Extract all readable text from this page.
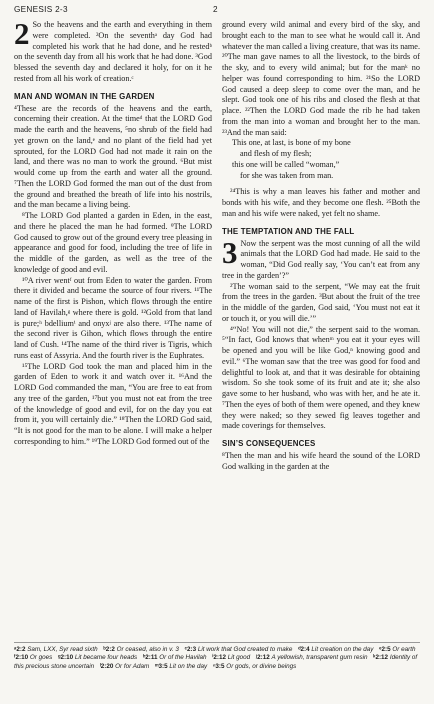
GENESIS 2-3	2

2 So the heavens and the earth and everything in them were completed. ²On the seventhᵃ day God had completed his work that he had done, and he restedᵇ on the seventh day from all his work that he had done. ³God blessed the seventh day and declared it holy, for on it he rested from all his work of creation.ᶜ

MAN AND WOMAN IN THE GARDEN

⁴These are the records of the heavens and the earth, concerning their creation. At the timeᵈ that the LORD God made the earth and the heavens, ⁵no shrub of the field had yet grown on the land,ᵉ and no plant of the field had yet sprouted, for the LORD God had not made it rain on the land, and there was no man to work the ground. ⁶But mist would come up from the earth and water all the ground. ⁷Then the LORD God formed the man out of the dust from the ground and breathed the breath of life into his nostrils, and the man became a living being.

⁸The LORD God planted a garden in Eden, in the east, and there he placed the man he had formed. ⁹The LORD God caused to grow out of the ground every tree pleasing in appearance and good for food, including the tree of life in the middle of the garden, as well as the tree of the knowledge of good and evil.

¹⁰A river wentᶠ out from Eden to water the garden. From there it divided and became the source of four rivers. ¹¹The name of the first is Pishon, which flows through the entire land of Havilah,ᵍ where there is gold. ¹²Gold from that land is pure;ʰ bdelliumⁱ and onyxʲ are also there. ¹³The name of the second river is Gihon, which flows through the entire land of Cush. ¹⁴The name of the third river is Tigris, which runs east of Assyria. And the fourth river is the Euphrates.

¹⁵The LORD God took the man and placed him in the garden of Eden to work it and watch over it. ¹⁶And the LORD God commanded the man, “You are free to eat from any tree of the garden, ¹⁷but you must not eat from the tree of the knowledge of good and evil, for on the day you eat from it, you will certainly die.” ¹⁸Then the LORD God said, “It is not good for the man to be alone. I will make a helper corresponding to him.” ¹⁹The LORD God formed out of the

ground every wild animal and every bird of the sky, and brought each to the man to see what he would call it. And whatever the man called a living creature, that was its name. ²⁰The man gave names to all the livestock, to the birds of the sky, and to every wild animal; but for the manᵏ no helper was found corresponding to him. ²¹So the LORD God caused a deep sleep to come over the man, and he slept. God took one of his ribs and closed the flesh at that place. ²²Then the LORD God made the rib he had taken from the man into a woman and brought her to the man. ²³And the man said:

This one, at last, is bone of my bone
and flesh of my flesh;
this one will be called “woman,”
for she was taken from man.

²⁴This is why a man leaves his father and mother and bonds with his wife, and they become one flesh. ²⁵Both the man and his wife were naked, yet felt no shame.

THE TEMPTATION AND THE FALL

3 Now the serpent was the most cunning of all the wild animals that the LORD God had made. He said to the woman, “Did God really say, ‘You can’t eat from any tree in the garden’?”

²The woman said to the serpent, “We may eat the fruit from the trees in the garden. ³But about the fruit of the tree in the middle of the garden, God said, ‘You must not eat it or touch it, or you will die.’”

⁴“No! You will not die,” the serpent said to the woman. ⁵“In fact, God knows that whenᵐ you eat it your eyes will be opened and you will be like God,ⁿ knowing good and evil.” ⁶The woman saw that the tree was good for food and delightful to look at, and that it was desirable for obtaining wisdom. So she took some of its fruit and ate it; she also gave some to her husband, who was with her, and he ate it. ⁷Then the eyes of both of them were opened, and they knew they were naked; so they sewed fig leaves together and made coverings for themselves.

SIN’S CONSEQUENCES

⁸Then the man and his wife heard the sound of the LORD God walking in the garden at the

ᵃ2:2 Sam, LXX, Syr read sixth ᵇ2:2 Or ceased, also in v. 3 ᶜ2:3 Lit work that God created to make ᵈ2:4 Lit creation on the day ᵉ2:5 Or earth ᶠ2:10 Or goes ᵍ2:10 Lit became four heads ʰ2:11 Or of the Havilah ⁱ2:12 Lit good ʲ2:12 A yellowish, transparent gum resin ᵏ2:12 Identity of this precious stone uncertain ˡ2:20 Or for Adam ᵐ3:5 Lit on the day ⁿ3:5 Or gods, or divine beings
